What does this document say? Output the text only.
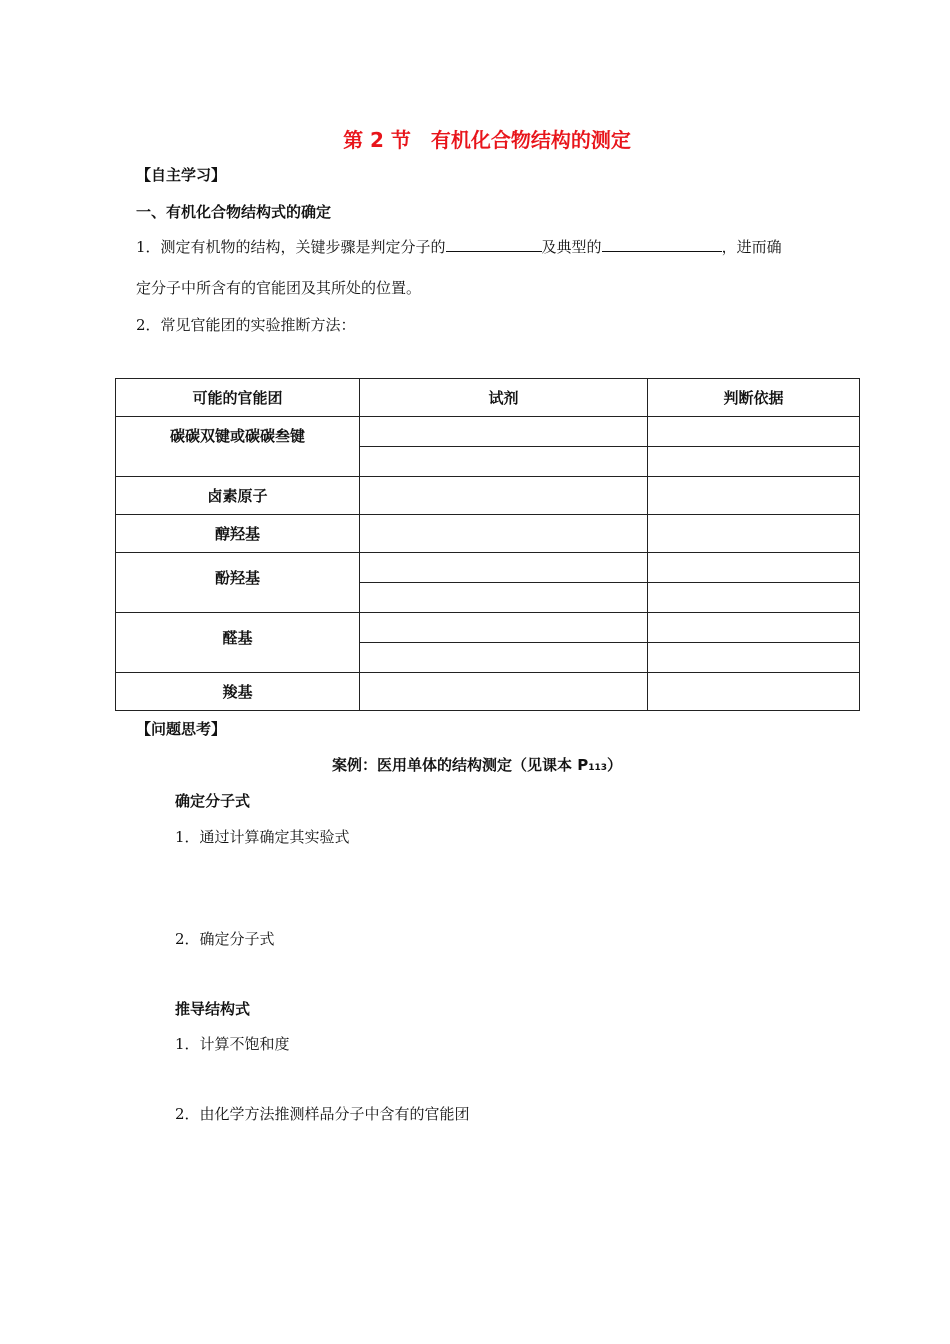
第 2 节　有机化合物结构的测定
【自主学习】
一、有机化合物结构式的确定
1．测定有机物的结构，关键步骤是判定分子的	及典型的	，进而确
定分子中所含有的官能团及其所处的位置。
2．常见官能团的实验推断方法：
可能的官能团	试剂	判断依据
碳碳双键或碳碳叁键		

卤素原子		
醇羟基		
酚羟基		

醛基		

羧基		
【问题思考】
案例：医用单体的结构测定（见课本 P113）
确定分子式
1．通过计算确定其实验式
2．确定分子式
推导结构式
1．计算不饱和度
2．由化学方法推测样品分子中含有的官能团
